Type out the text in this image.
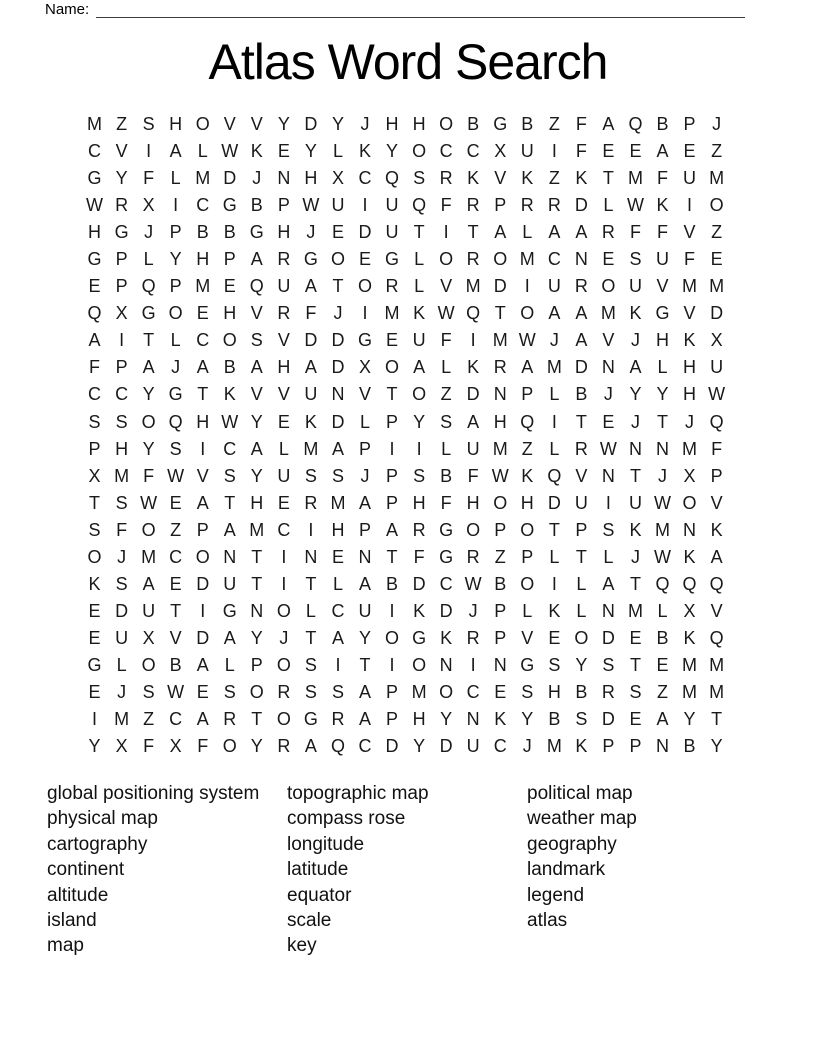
Name:
Atlas Word Search
M Z S H O V V Y D Y J H H O B G B Z F A Q B P J
C V	I	A L W K E Y L K Y O C C X U	I	F E E A E Z
G Y F L M D J N H X C Q S R K V K Z K T M F U M
W R X	I	C G B P W U	I	U Q F R P R R D L W K	I O
H G J P B B G H J E D U T	I	T A L A A R F F V Z
G P L Y H P A R G O E G L O R O M C N E S U F E
E P Q P M E Q U A T O R L V M D	I	U R O U V M M
Q X G O E H V R F J	I M K W Q T O A A M K G V D
A	I	T L C O S V D D G E U F	I M W J A V J H K X
F P A J A B A H A D X O A L K R A M D N A L H U
C C Y G T K V V U N V T O Z D N P L B J Y Y H W
S S O Q H W Y E K D L P Y S A H Q I	T E J T J Q
P H Y S	I	C A L M A P	I	I	L U M Z L R W N N M F
X M F W V S Y U S S J P S B F W K Q V N T J X P
T S W E A T H E R M A P H F H O H D U	I	U W O V
S F O Z P A M C	I	H P A R G O P O T P S K M N K
O J M C O N T	I	N E N T F G R Z P L T L J W K A
K S A E D U T	I	T L A B D C W B O I	L A T Q Q Q
E D U T	I G N O L C U	I	K D J P L K L N M L X V
E U X V D A Y J T A Y O G K R P V E O D E B K Q
G L O B A L P O S	I	T	I O N	I	N G S Y S T E M M
E J S W E S O R S S A P M O C E S H B R S Z M M
I M Z C A R T O G R A P H Y N K Y B S D E A Y T
Y X F X F O Y R A Q C D Y D U C J M K P P N B Y
global positioning system
physical map
cartography
continent
altitude
island
map
topographic map
compass rose
longitude
latitude
equator
scale
key
political map
weather map
geography
landmark
legend
atlas
